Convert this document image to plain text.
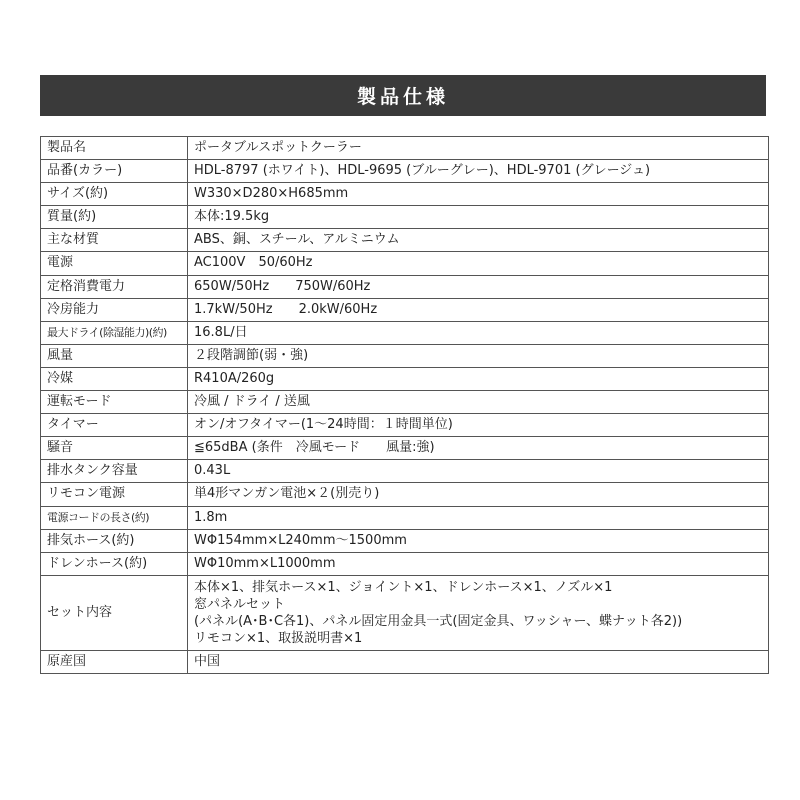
製品仕様
製品名	ポータブルスポットクーラー
品番(カラー)	HDL-8797 (ホワイト)、HDL-9695 (ブルーグレー)、HDL-9701 (グレージュ)
サイズ(約)	W330×D280×H685mm
質量(約)	本体:19.5kg
主な材質	ABS、銅、スチール、アルミニウム
電源	AC100V　50/60Hz
定格消費電力	650W/50Hz　　750W/60Hz
冷房能力	1.7kW/50Hz　　2.0kW/60Hz
最大ドライ(除湿能力)(約)	16.8L/日
風量	２段階調節(弱・強)
冷媒	R410A/260g
運転モード	冷風 / ドライ / 送風
タイマー	オン/オフタイマー(1〜24時間：１時間単位)
騒音	≦65dBA (条件　冷風モード　　風量:強)
排水タンク容量	0.43L
リモコン電源	単4形マンガン電池×２(別売り)
電源コードの長さ(約)	1.8m
排気ホース(約)	WΦ154mm×L240mm〜1500mm
ドレンホース(約)	WΦ10mm×L1000mm
セット内容	本体×1、排気ホース×1、ジョイント×1、ドレンホース×1、ノズル×1
窓パネルセット
(パネル(A･B･C各1)、パネル固定用金具一式(固定金具、ワッシャー、蝶ナット各2))
リモコン×1、取扱説明書×1

原産国	中国
